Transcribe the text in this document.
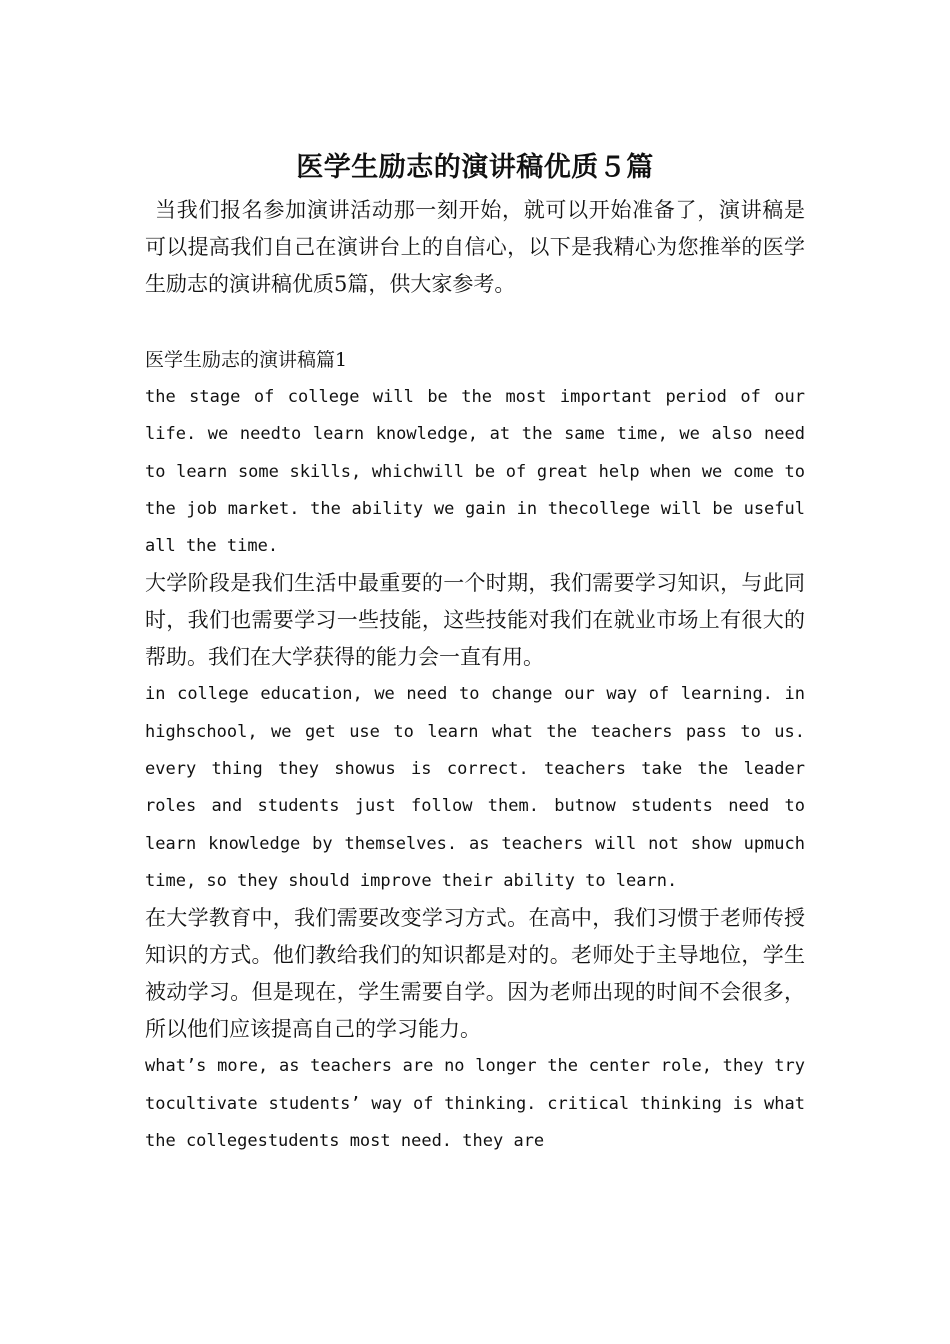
医学生励志的演讲稿优质５篇

当我们报名参加演讲活动那一刻开始，就可以开始准备了，演讲稿是可以提高我们自己在演讲台上的自信心，以下是我精心为您推举的医学生励志的演讲稿优质5篇，供大家参考。

医学生励志的演讲稿篇1

the stage of college will be the most important period of our life. we needto learn knowledge, at the same time, we also need to learn some skills, whichwill be of great help when we come to the job market. the ability we gain in thecollege will be useful all the time.

大学阶段是我们生活中最重要的一个时期，我们需要学习知识，与此同时，我们也需要学习一些技能，这些技能对我们在就业市场上有很大的帮助。我们在大学获得的能力会一直有用。

in college education, we need to change our way of learning. in highschool, we get use to learn what the teachers pass to us. every thing they showus is correct. teachers take the leader roles and students just follow them. butnow students need to learn knowledge by themselves. as teachers will not show upmuch time, so they should improve their ability to learn.

在大学教育中，我们需要改变学习方式。在高中，我们习惯于老师传授知识的方式。他们教给我们的知识都是对的。老师处于主导地位，学生被动学习。但是现在，学生需要自学。因为老师出现的时间不会很多，所以他们应该提高自己的学习能力。

what’s more, as teachers are no longer the center role, they try tocultivate students’ way of thinking. critical thinking is what the collegestudents most need. they are
